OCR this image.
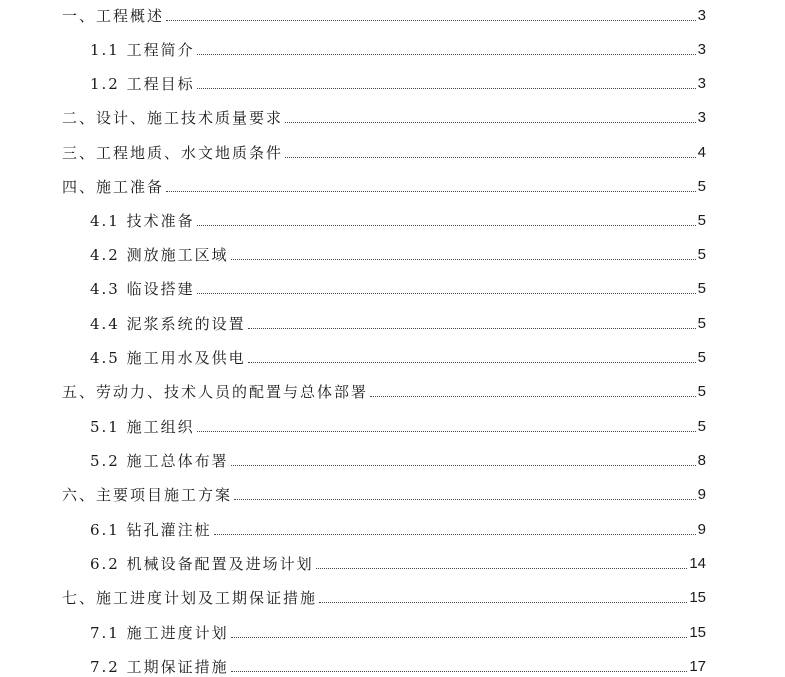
一、工程概述	3
1.1 工程简介	3
1.2 工程目标	3
二、设计、施工技术质量要求	3
三、工程地质、水文地质条件	4
四、施工准备	5
4.1 技术准备	5
4.2 测放施工区域	5
4.3 临设搭建	5
4.4 泥浆系统的设置	5
4.5 施工用水及供电	5
五、劳动力、技术人员的配置与总体部署	5
5.1 施工组织	5
5.2 施工总体布署	8
六、主要项目施工方案	9
6.1 钻孔灌注桩	9
6.2 机械设备配置及进场计划	14
七、施工进度计划及工期保证措施	15
7.1 施工进度计划	15
7.2 工期保证措施	17
